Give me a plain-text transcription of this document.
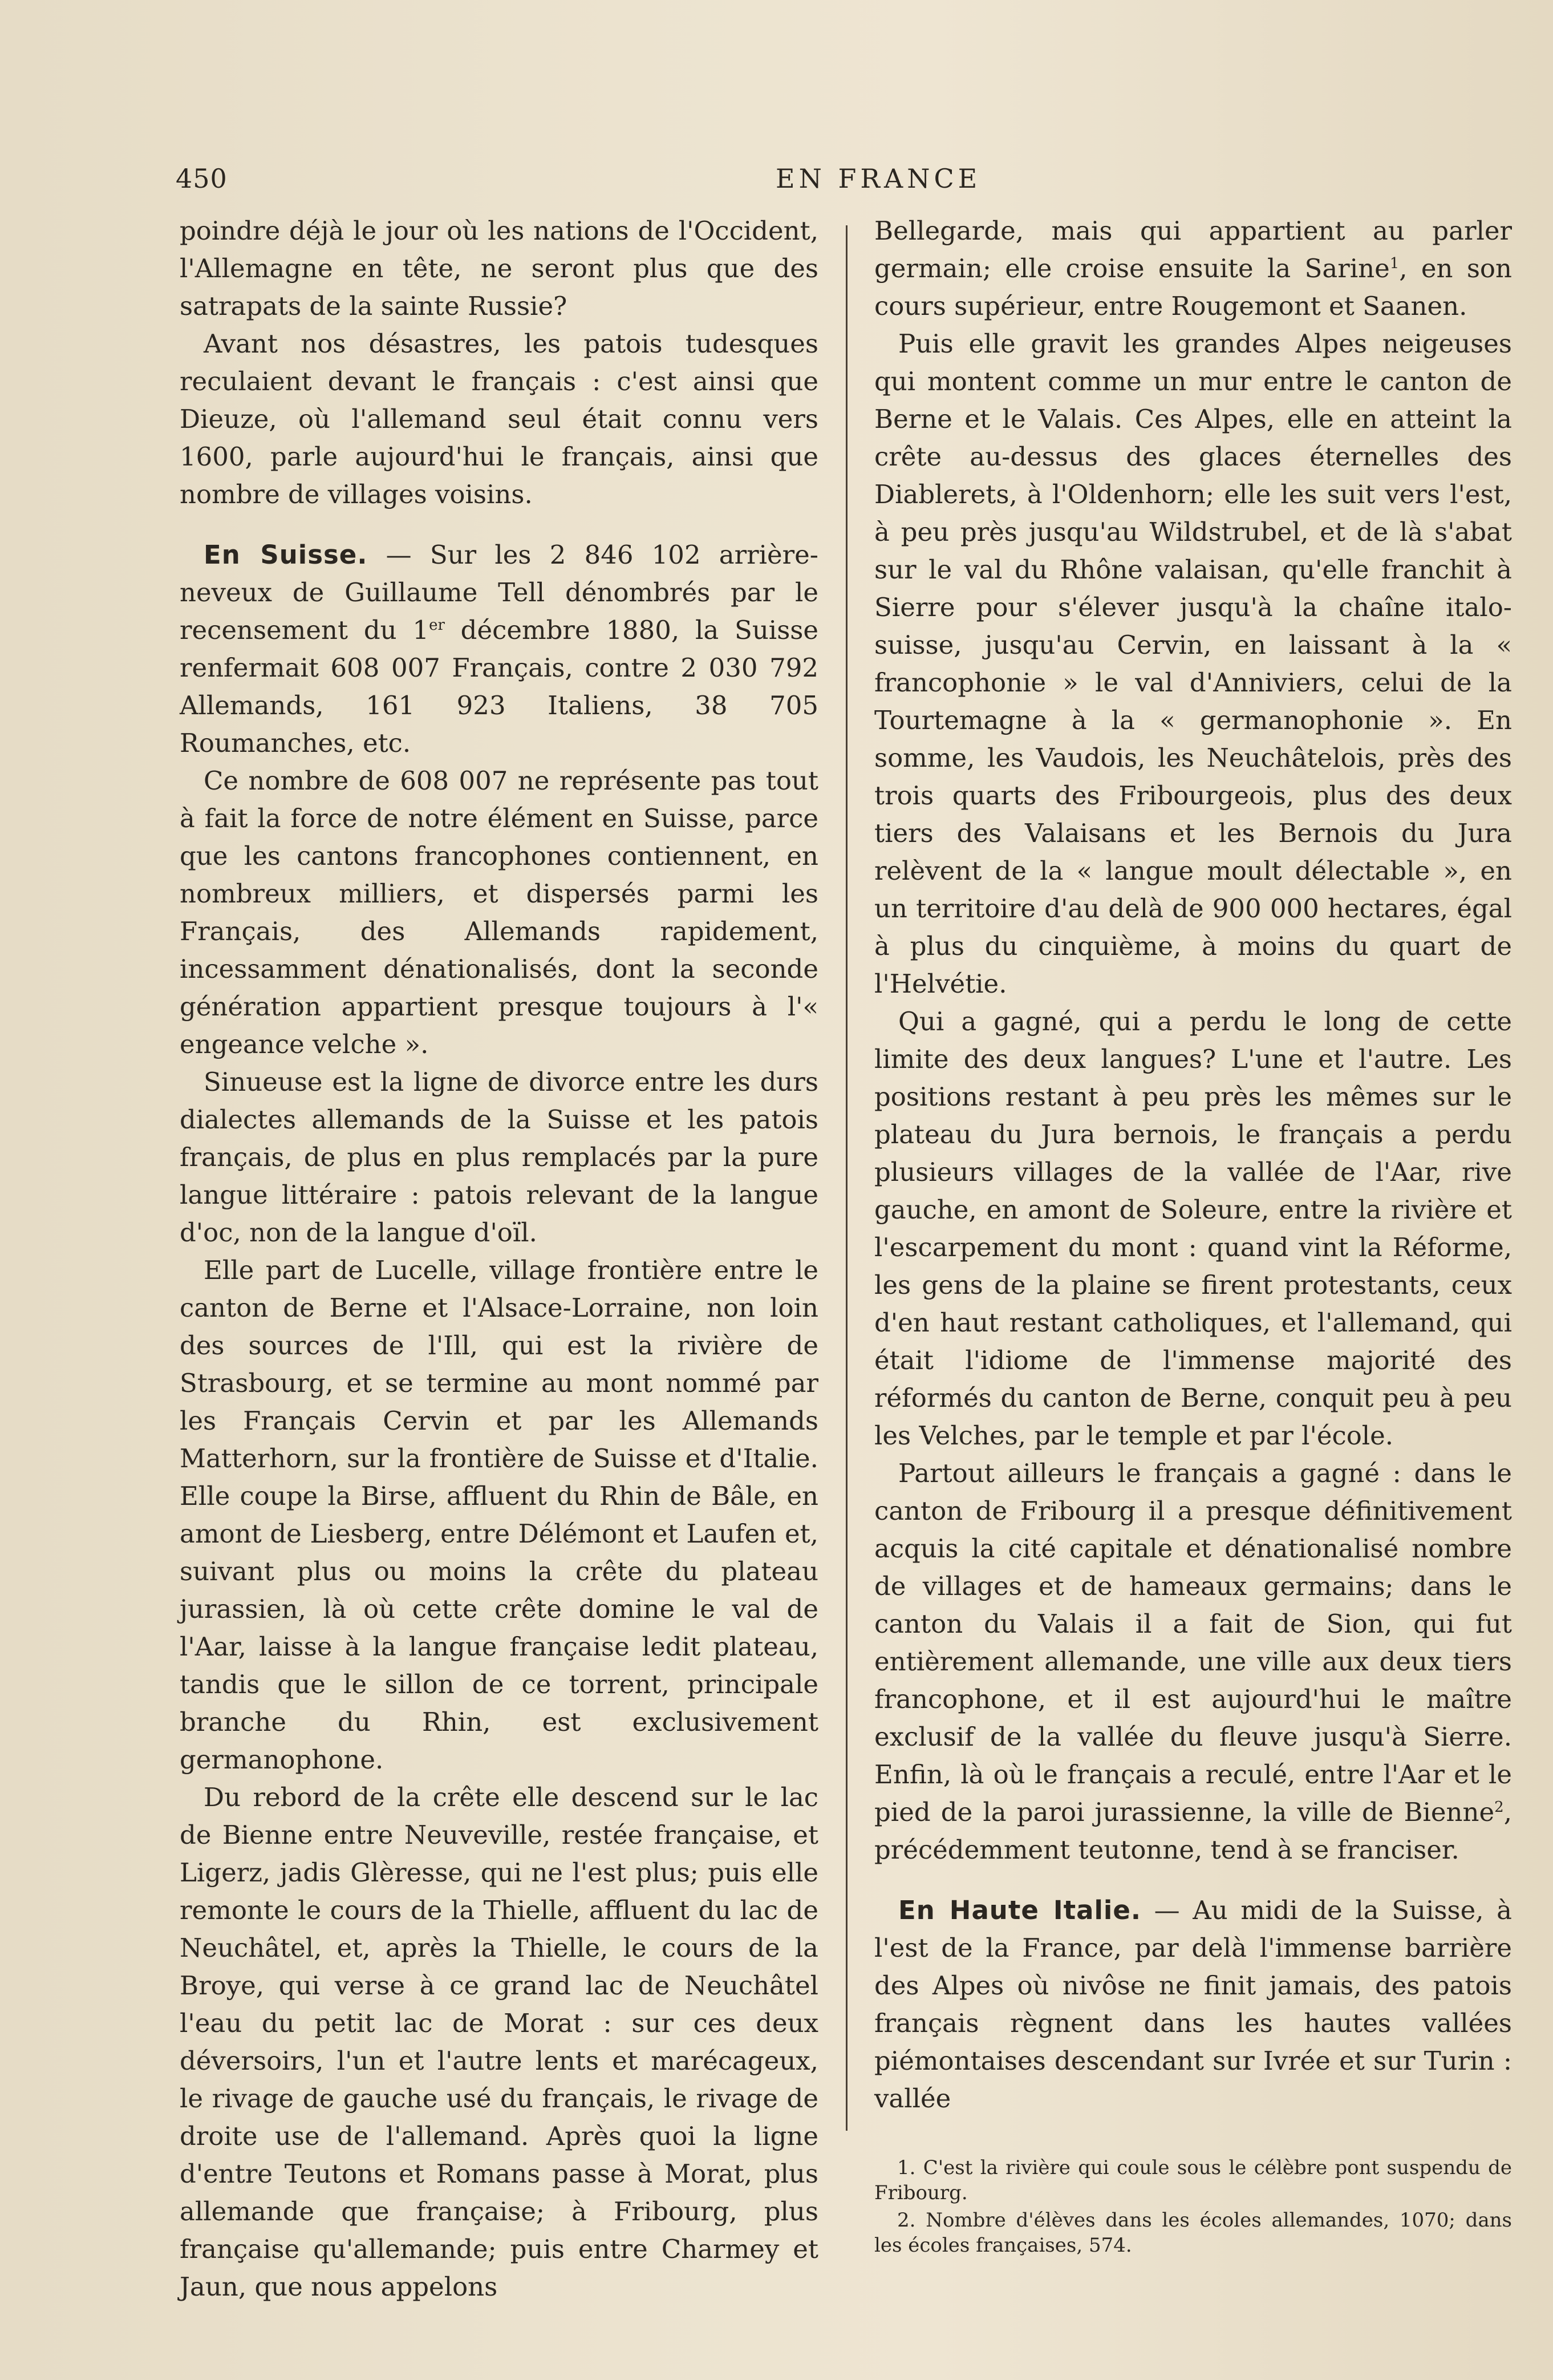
450	EN FRANCE

poindre déjà le jour où les nations de l'Occident, l'Allemagne en tête, ne seront plus que des satrapats de la sainte Russie?

Avant nos désastres, les patois tudesques reculaient devant le français : c'est ainsi que Dieuze, où l'allemand seul était connu vers 1600, parle aujourd'hui le français, ainsi que nombre de villages voisins.

En Suisse. — Sur les 2 846 102 arrière-neveux de Guillaume Tell dénombrés par le recensement du 1er décembre 1880, la Suisse renfermait 608 007 Français, contre 2 030 792 Allemands, 161 923 Italiens, 38 705 Roumanches, etc.

Ce nombre de 608 007 ne représente pas tout à fait la force de notre élément en Suisse, parce que les cantons francophones contiennent, en nombreux milliers, et dispersés parmi les Français, des Allemands rapidement, incessamment dénationalisés, dont la seconde génération appartient presque toujours à l'« engeance velche ».

Sinueuse est la ligne de divorce entre les durs dialectes allemands de la Suisse et les patois français, de plus en plus remplacés par la pure langue littéraire : patois relevant de la langue d'oc, non de la langue d'oïl.

Elle part de Lucelle, village frontière entre le canton de Berne et l'Alsace-Lorraine, non loin des sources de l'Ill, qui est la rivière de Strasbourg, et se termine au mont nommé par les Français Cervin et par les Allemands Matterhorn, sur la frontière de Suisse et d'Italie. Elle coupe la Birse, affluent du Rhin de Bâle, en amont de Liesberg, entre Délémont et Laufen et, suivant plus ou moins la crête du plateau jurassien, là où cette crête domine le val de l'Aar, laisse à la langue française ledit plateau, tandis que le sillon de ce torrent, principale branche du Rhin, est exclusivement germanophone.

Du rebord de la crête elle descend sur le lac de Bienne entre Neuveville, restée française, et Ligerz, jadis Glèresse, qui ne l'est plus; puis elle remonte le cours de la Thielle, affluent du lac de Neuchâtel, et, après la Thielle, le cours de la Broye, qui verse à ce grand lac de Neuchâtel l'eau du petit lac de Morat : sur ces deux déversoirs, l'un et l'autre lents et marécageux, le rivage de gauche usé du français, le rivage de droite use de l'allemand. Après quoi la ligne d'entre Teutons et Romans passe à Morat, plus allemande que française; à Fribourg, plus française qu'allemande; puis entre Charmey et Jaun, que nous appelons

Bellegarde, mais qui appartient au parler germain; elle croise ensuite la Sarine$^1$, en son cours supérieur, entre Rougemont et Saanen.

Puis elle gravit les grandes Alpes neigeuses qui montent comme un mur entre le canton de Berne et le Valais. Ces Alpes, elle en atteint la crête au-dessus des glaces éternelles des Diablerets, à l'Oldenhorn; elle les suit vers l'est, à peu près jusqu'au Wildstrubel, et de là s'abat sur le val du Rhône valaisan, qu'elle franchit à Sierre pour s'élever jusqu'à la chaîne italo-suisse, jusqu'au Cervin, en laissant à la « francophonie » le val d'Anniviers, celui de la Tourtemagne à la « germanophonie ». En somme, les Vaudois, les Neuchâtelois, près des trois quarts des Fribourgeois, plus des deux tiers des Valaisans et les Bernois du Jura relèvent de la « langue moult délectable », en un territoire d'au delà de 900 000 hectares, égal à plus du cinquième, à moins du quart de l'Helvétie.

Qui a gagné, qui a perdu le long de cette limite des deux langues? L'une et l'autre. Les positions restant à peu près les mêmes sur le plateau du Jura bernois, le français a perdu plusieurs villages de la vallée de l'Aar, rive gauche, en amont de Soleure, entre la rivière et l'escarpement du mont : quand vint la Réforme, les gens de la plaine se firent protestants, ceux d'en haut restant catholiques, et l'allemand, qui était l'idiome de l'immense majorité des réformés du canton de Berne, conquit peu à peu les Velches, par le temple et par l'école.

Partout ailleurs le français a gagné : dans le canton de Fribourg il a presque définitivement acquis la cité capitale et dénationalisé nombre de villages et de hameaux germains; dans le canton du Valais il a fait de Sion, qui fut entièrement allemande, une ville aux deux tiers francophone, et il est aujourd'hui le maître exclusif de la vallée du fleuve jusqu'à Sierre. Enfin, là où le français a reculé, entre l'Aar et le pied de la paroi jurassienne, la ville de Bienne$^2$, précédemment teutonne, tend à se franciser.

En Haute Italie. — Au midi de la Suisse, à l'est de la France, par delà l'immense barrière des Alpes où nivôse ne finit jamais, des patois français règnent dans les hautes vallées piémontaises descendant sur Ivrée et sur Turin : vallée

1. C'est la rivière qui coule sous le célèbre pont suspendu de Fribourg.

2. Nombre d'élèves dans les écoles allemandes, 1070; dans les écoles françaises, 574.
